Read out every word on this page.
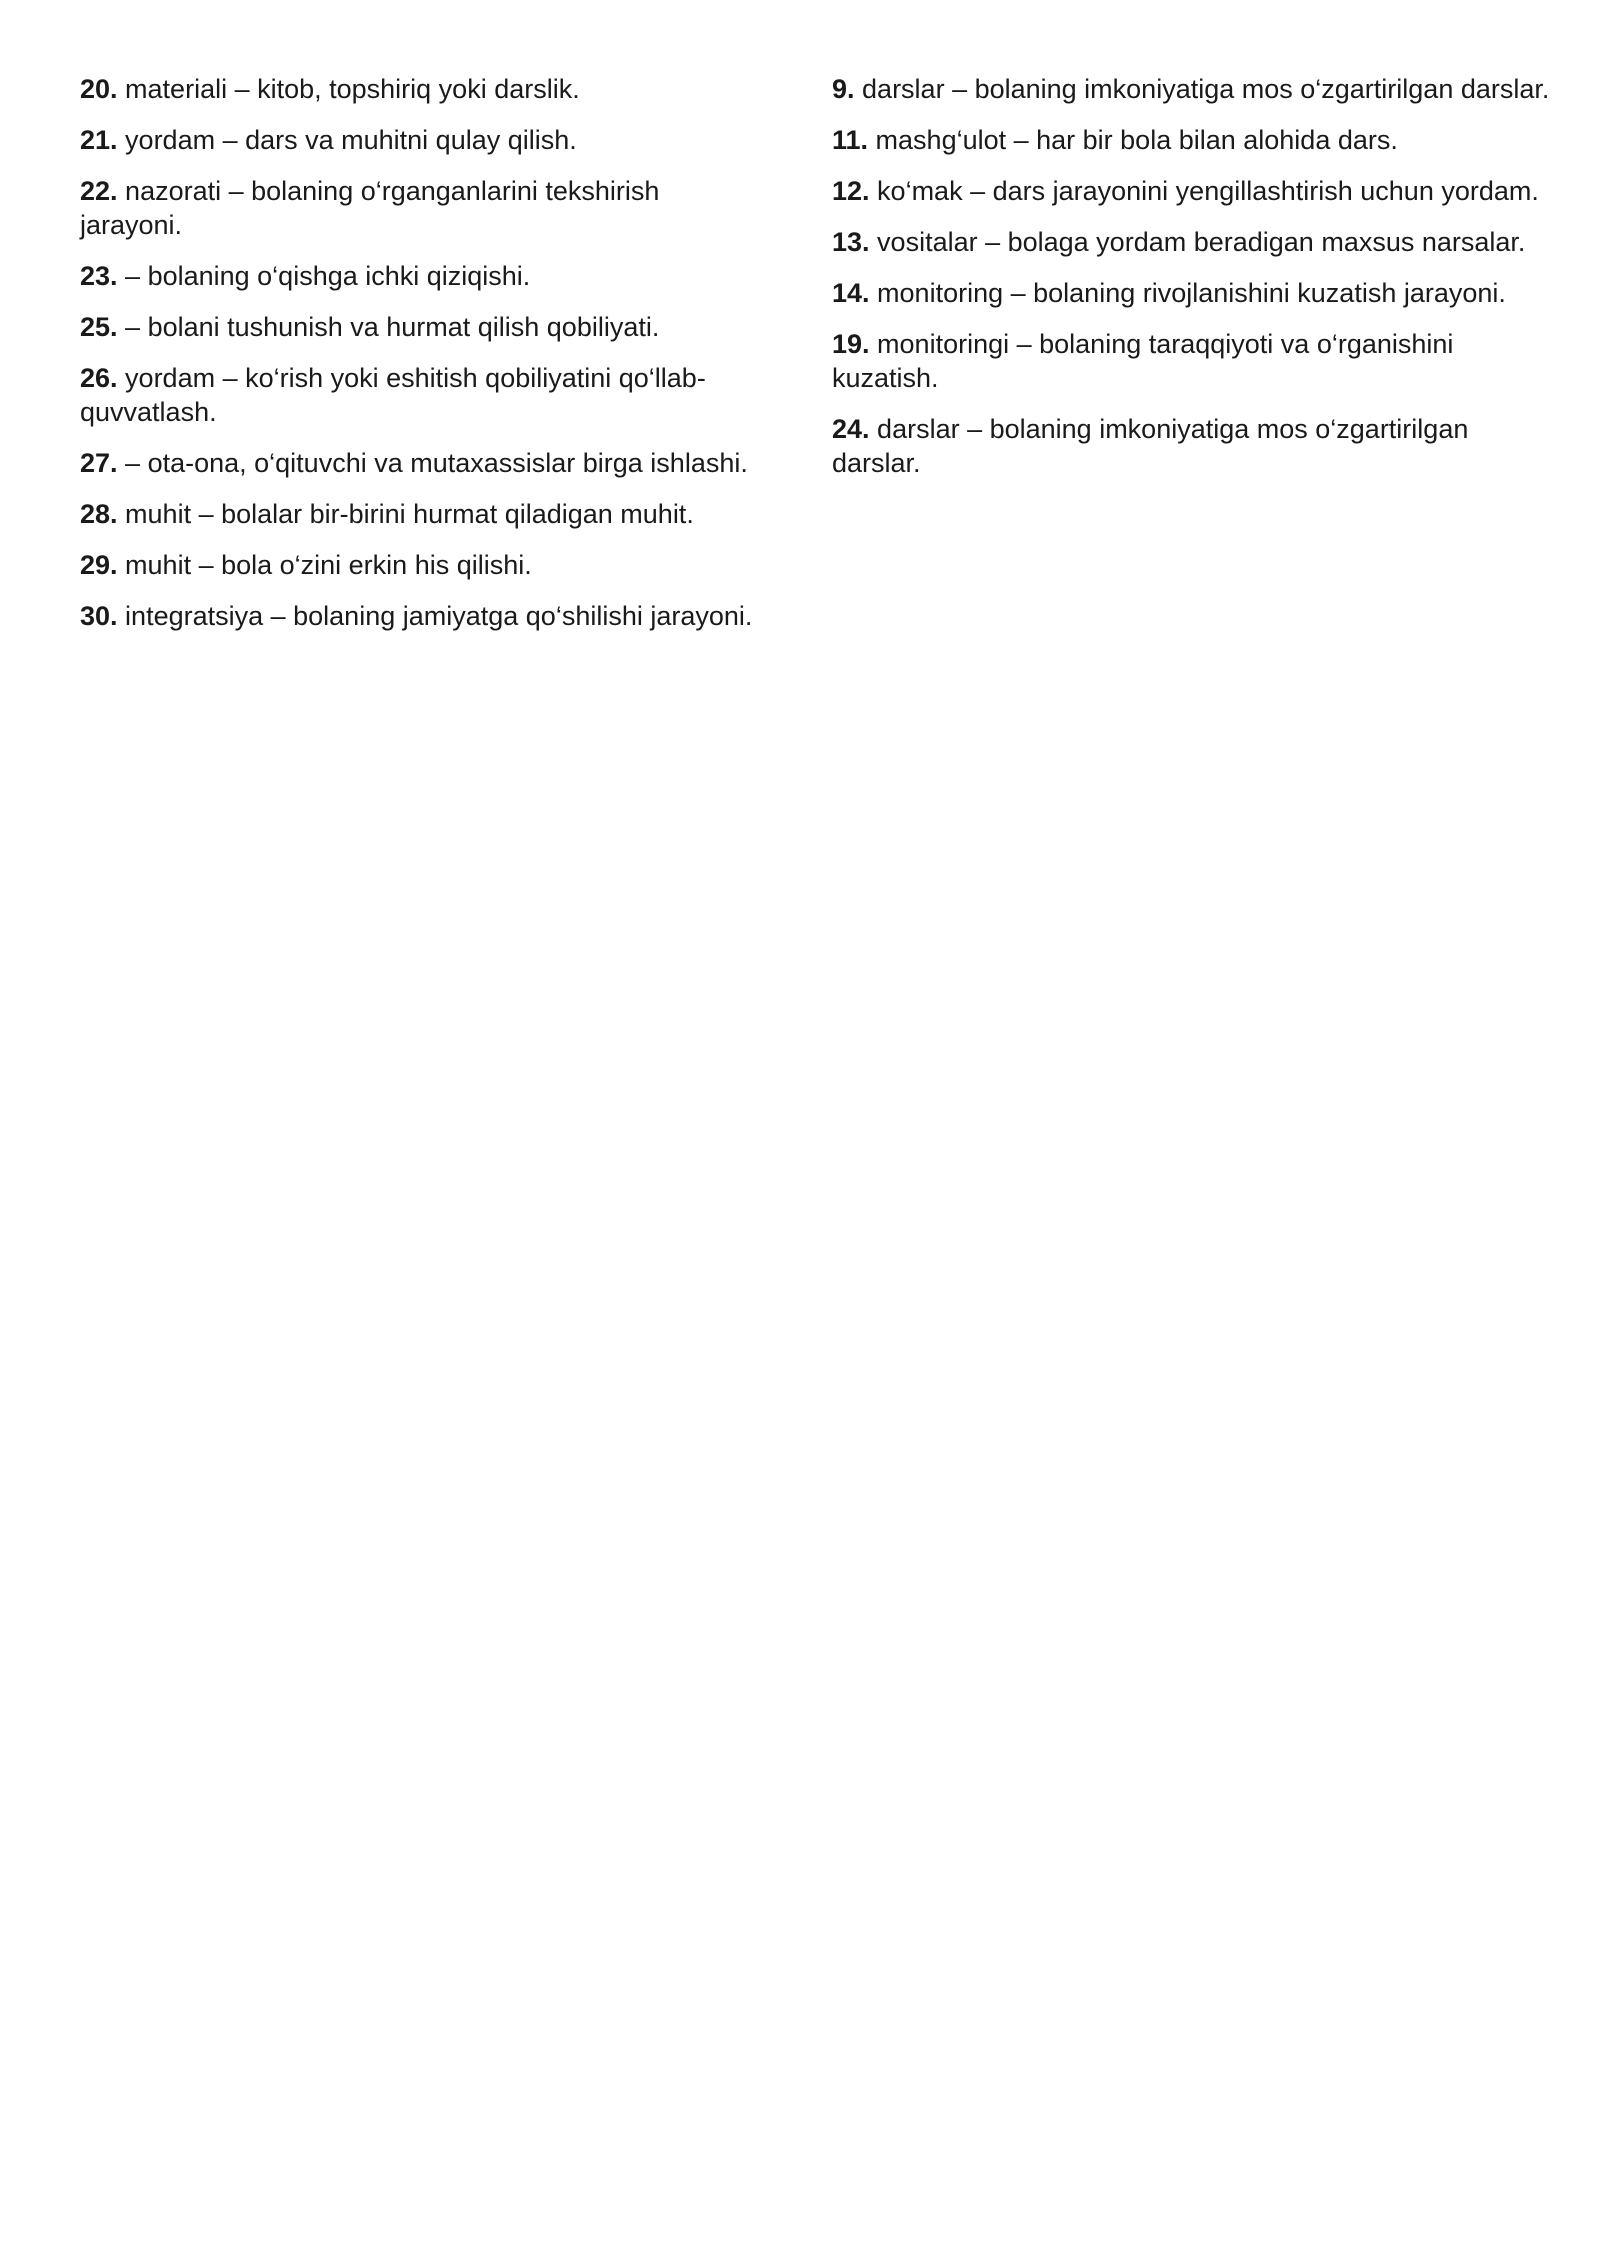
20. materiali – kitob, topshiriq yoki darslik.

21. yordam – dars va muhitni qulay qilish.

22. nazorati – bolaning o‘rganganlarini tekshirish jarayoni.

23. – bolaning o‘qishga ichki qiziqishi.

25. – bolani tushunish va hurmat qilish qobiliyati.

26. yordam – ko‘rish yoki eshitish qobiliyatini qo‘llab-quvvatlash.

27. – ota-ona, o‘qituvchi va mutaxassislar birga ishlashi.

28. muhit – bolalar bir-birini hurmat qiladigan muhit.

29. muhit – bola o‘zini erkin his qilishi.

30. integratsiya – bolaning jamiyatga qo‘shilishi jarayoni.

9. darslar – bolaning imkoniyatiga mos o‘zgartirilgan darslar.

11. mashg‘ulot – har bir bola bilan alohida dars.

12. ko‘mak – dars jarayonini yengillashtirish uchun yordam.

13. vositalar – bolaga yordam beradigan maxsus narsalar.

14. monitoring – bolaning rivojlanishini kuzatish jarayoni.

19. monitoringi – bolaning taraqqiyoti va o‘rganishini kuzatish.

24. darslar – bolaning imkoniyatiga mos o‘zgartirilgan darslar.
